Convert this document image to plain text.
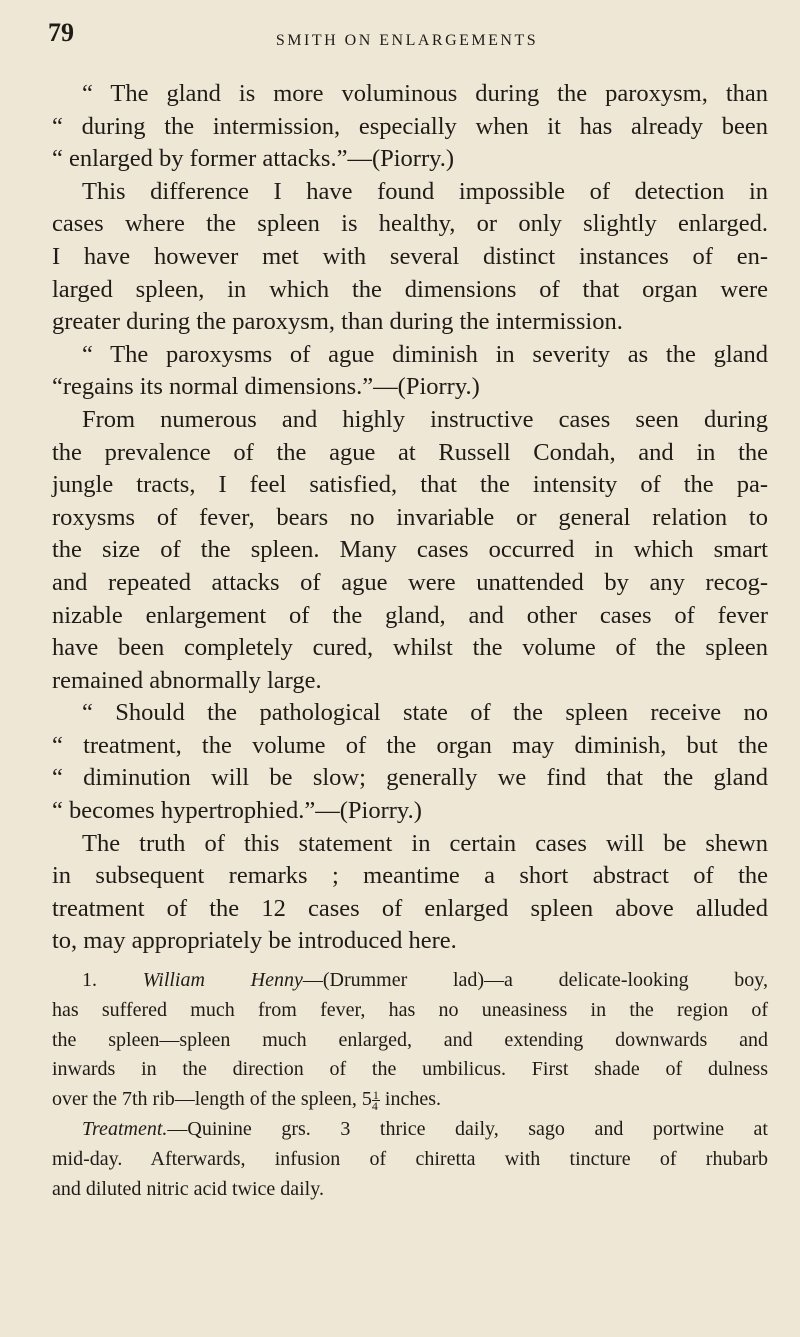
79	SMITH ON ENLARGEMENTS
“ The gland is more voluminous during the paroxysm, than
“ during the intermission, especially when it has already been
“ enlarged by former attacks.”—(Piorry.)
This difference I have found impossible of detection in
cases where the spleen is healthy, or only slightly enlarged.
I have however met with several distinct instances of en-
larged spleen, in which the dimensions of that organ were
greater during the paroxysm, than during the intermission.
“ The paroxysms of ague diminish in severity as the gland
“regains its normal dimensions.”—(Piorry.)
From numerous and highly instructive cases seen during
the prevalence of the ague at Russell Condah, and in the
jungle tracts, I feel satisfied, that the intensity of the pa-
roxysms of fever, bears no invariable or general relation to
the size of the spleen. Many cases occurred in which smart
and repeated attacks of ague were unattended by any recog-
nizable enlargement of the gland, and other cases of fever
have been completely cured, whilst the volume of the spleen
remained abnormally large.
“ Should the pathological state of the spleen receive no
“ treatment, the volume of the organ may diminish, but the
“ diminution will be slow; generally we find that the gland
“ becomes hypertrophied.”—(Piorry.)
The truth of this statement in certain cases will be shewn
in subsequent remarks ; meantime a short abstract of the
treatment of the 12 cases of enlarged spleen above alluded
to, may appropriately be introduced here.
1. William Henny—(Drummer lad)—a delicate-looking boy,
has suffered much from fever, has no uneasiness in the region of
the spleen—spleen much enlarged, and extending downwards and
inwards in the direction of the umbilicus. First shade of dulness
over the 7th rib—length of the spleen, $5 \frac{1}{4}$ inches.
Treatment.—Quinine grs. 3 thrice daily, sago and portwine at
mid-day. Afterwards, infusion of chiretta with tincture of rhubarb
and diluted nitric acid twice daily.
